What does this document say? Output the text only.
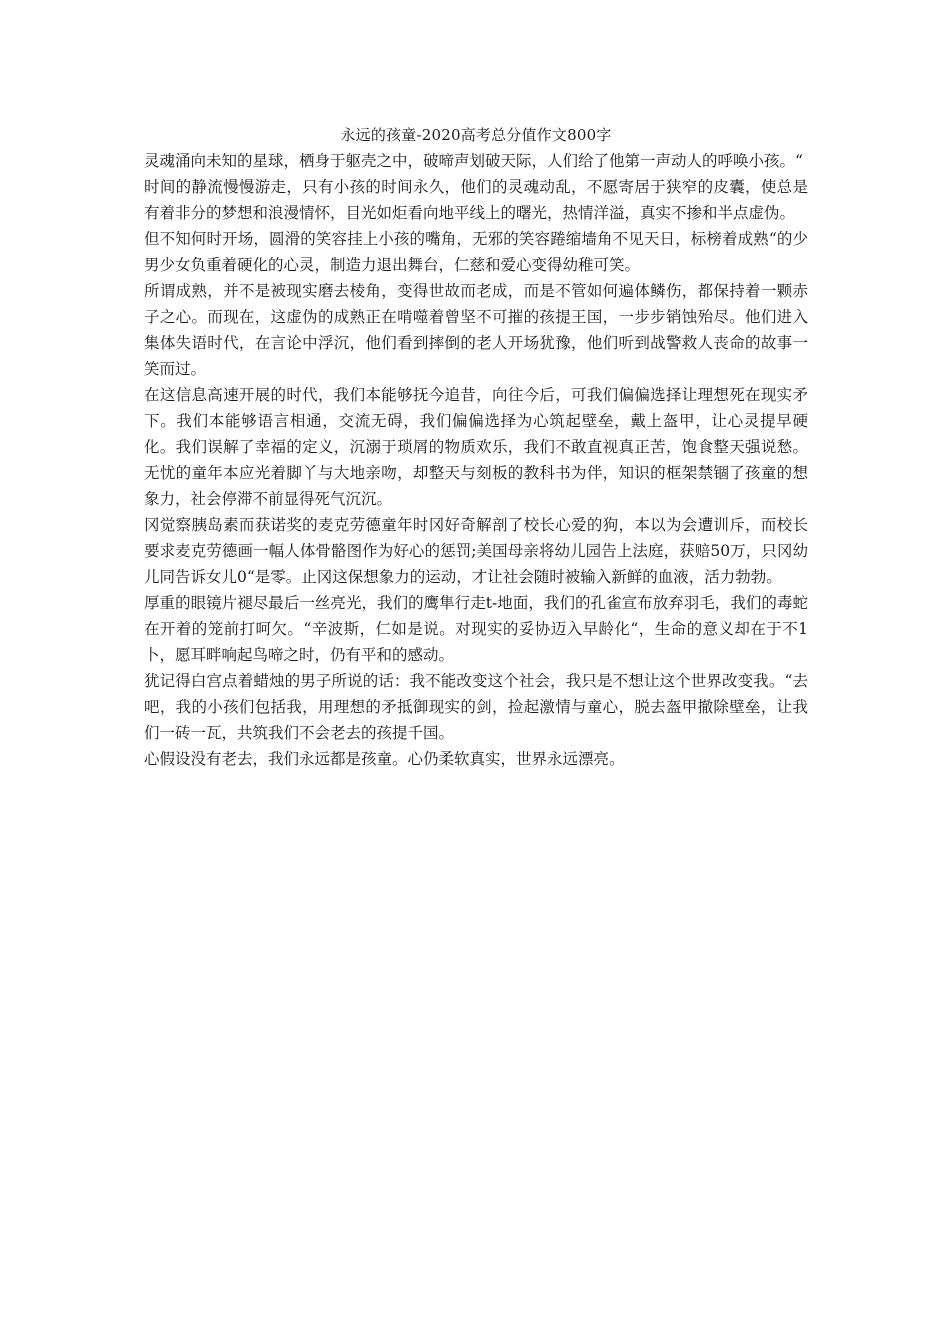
永远的孩童-2020高考总分值作文800字

灵魂涌向未知的星球，栖身于躯壳之中，破啼声划破天际，人们给了他第一声动人的呼唤小孩。“

时间的静流慢慢游走，只有小孩的时间永久，他们的灵魂动乱，不愿寄居于狭窄的皮囊，使总是有着非分的梦想和浪漫情怀，目光如炬看向地平线上的曙光，热情洋溢，真实不掺和半点虚伪。

但不知何时开场，圆滑的笑容挂上小孩的嘴角，无邪的笑容踡缩墙角不见天日，标榜着成熟“的少男少女负重着硬化的心灵，制造力退出舞台，仁慈和爱心变得幼稚可笑。

所谓成熟，并不是被现实磨去棱角，变得世故而老成，而是不管如何遍体鳞伤，都保持着一颗赤子之心。而现在，这虚伪的成熟正在啃噬着曾坚不可摧的孩提王国，一步步销蚀殆尽。他们进入集体失语时代，在言论中浮沉，他们看到摔倒的老人开场犹豫，他们听到战警救人丧命的故事一笑而过。

在这信息高速开展的时代，我们本能够抚今追昔，向往今后，可我们偏偏选择让理想死在现实矛下。我们本能够语言相通，交流无碍，我们偏偏选择为心筑起壁垒，戴上盔甲，让心灵提早硬化。我们误解了幸福的定义，沉溺于琐屑的物质欢乐，我们不敢直视真正苦，饱食整天强说愁。无忧的童年本应光着脚丫与大地亲吻，却整天与刻板的教科书为伴，知识的框架禁锢了孩童的想象力，社会停滞不前显得死气沉沉。

冈觉察胰岛素而获诺奖的麦克劳德童年时冈好奇解剖了校长心爱的狗，本以为会遭训斥，而校长要求麦克劳德画一幅人体骨骼图作为好心的惩罚;美国母亲将幼儿园告上法庭，获赔50万，只冈幼儿同告诉女儿0“是零。止冈这保想象力的运动，才让社会随时被输入新鲜的血液，活力勃勃。

厚重的眼镜片褪尽最后一丝亮光，我们的鹰隼行走t-地面，我们的孔雀宣布放弃羽毛，我们的毒蛇在开着的笼前打呵欠。“辛波斯，仁如是说。对现实的妥协迈入早龄化“，生命的意义却在于不1卜，愿耳畔响起鸟啼之时，仍有平和的感动。

犹记得白宫点着蜡烛的男子所说的话：我不能改变这个社会，我只是不想让这个世界改变我。“去吧，我的小孩们包括我，用理想的矛抵御现实的剑，捡起激情与童心，脱去盔甲撤除壁垒，让我们一砖一瓦，共筑我们不会老去的孩提千国。

心假设没有老去，我们永远都是孩童。心仍柔软真实，世界永远漂亮。
